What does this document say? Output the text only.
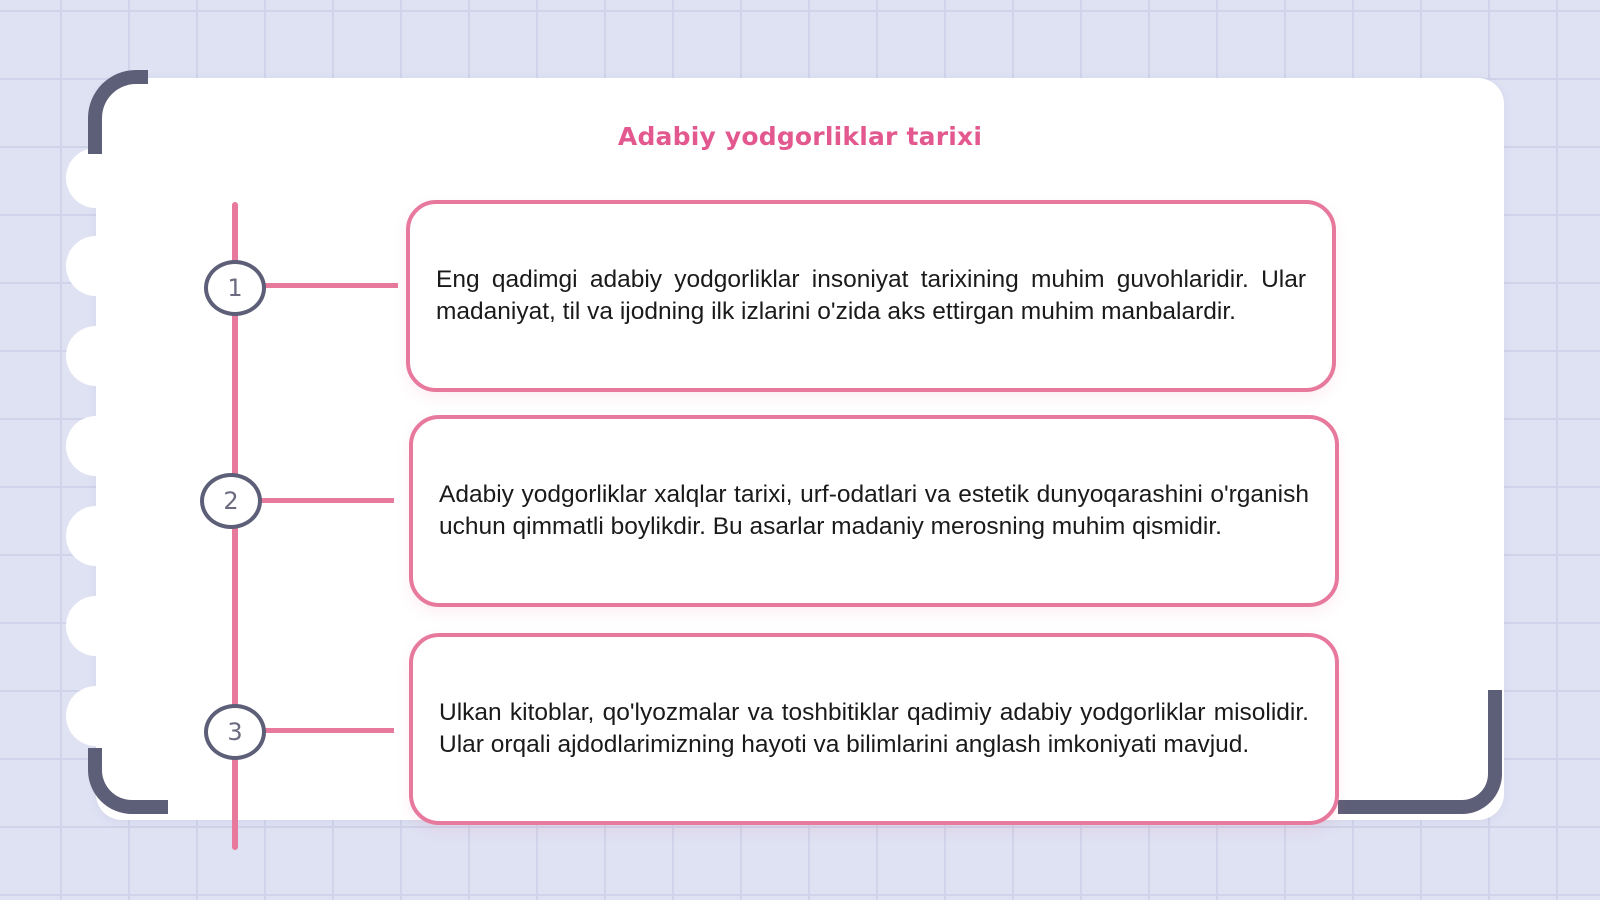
Adabiy yodgorliklar tarixi
1	Eng qadimgi adabiy yodgorliklar insoniyat tarixining muhim guvohlaridir. Ular madaniyat, til va ijodning ilk izlarini o'zida aks ettirgan muhim manbalardir.

2	Adabiy yodgorliklar xalqlar tarixi, urf-odatlari va estetik dunyoqarashini o'rganish uchun qimmatli boylikdir. Bu asarlar madaniy merosning muhim qismidir.

3

Ulkan kitoblar, qo'lyozmalar va toshbitiklar qadimiy adabiy yodgorliklar misolidir. Ular orqali ajdodlarimizning hayoti va bilimlarini anglash imkoniyati mavjud.
